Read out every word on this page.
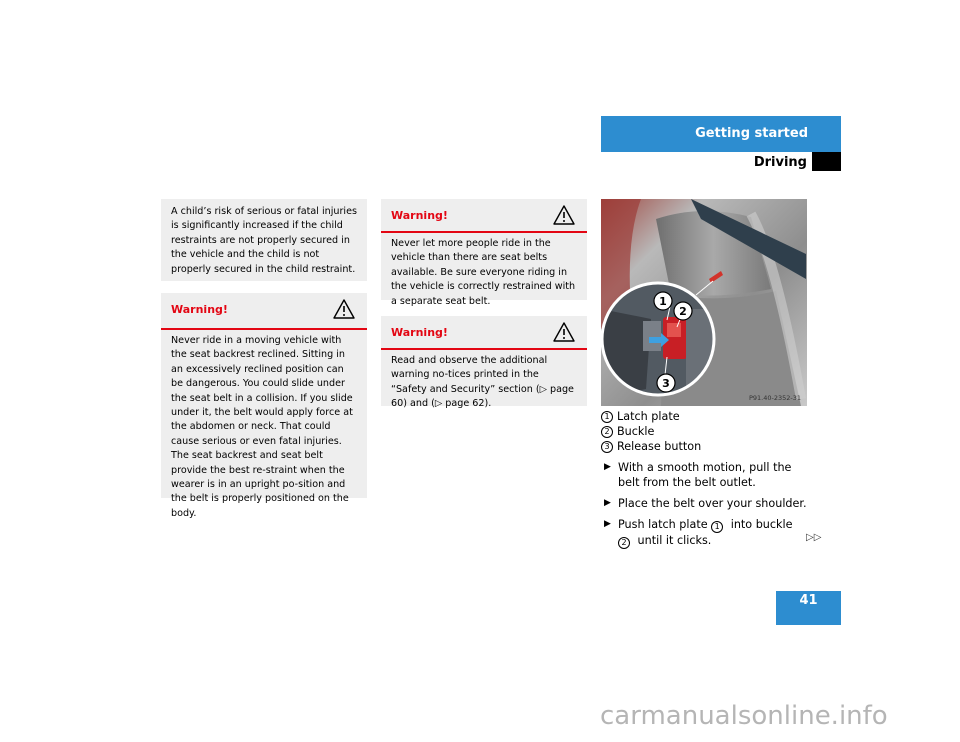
Getting started
Driving

A child’s risk of serious or fatal injuries is significantly increased if the child restraints are not properly secured in the vehicle and the child is not properly secured in the child restraint.

Warning!

Never ride in a moving vehicle with the seat backrest reclined. Sitting in an excessively reclined position can be dangerous. You could slide under the seat belt in a collision. If you slide under it, the belt would apply force at the abdomen or neck. That could cause serious or even fatal injuries. The seat backrest and seat belt provide the best re-straint when the wearer is in an upright po-sition and the belt is properly positioned on the body.

Warning!

Never let more people ride in the vehicle than there are seat belts available. Be sure everyone riding in the vehicle is correctly restrained with a separate seat belt.

Warning!

Read and observe the additional warning no-tices printed in the “Safety and Security” section (▷ page 60) and (▷ page 62).

1
2
3
P91.40-2352-31
1 Latch plate
2 Buckle
3 Release button
▶ With a smooth motion, pull the belt from the belt outlet.
▶ Place the belt over your shoulder.
▶ Push latch plate 1 into buckle 2 until it clicks.	▷▷
41
carmanualsonline.info
